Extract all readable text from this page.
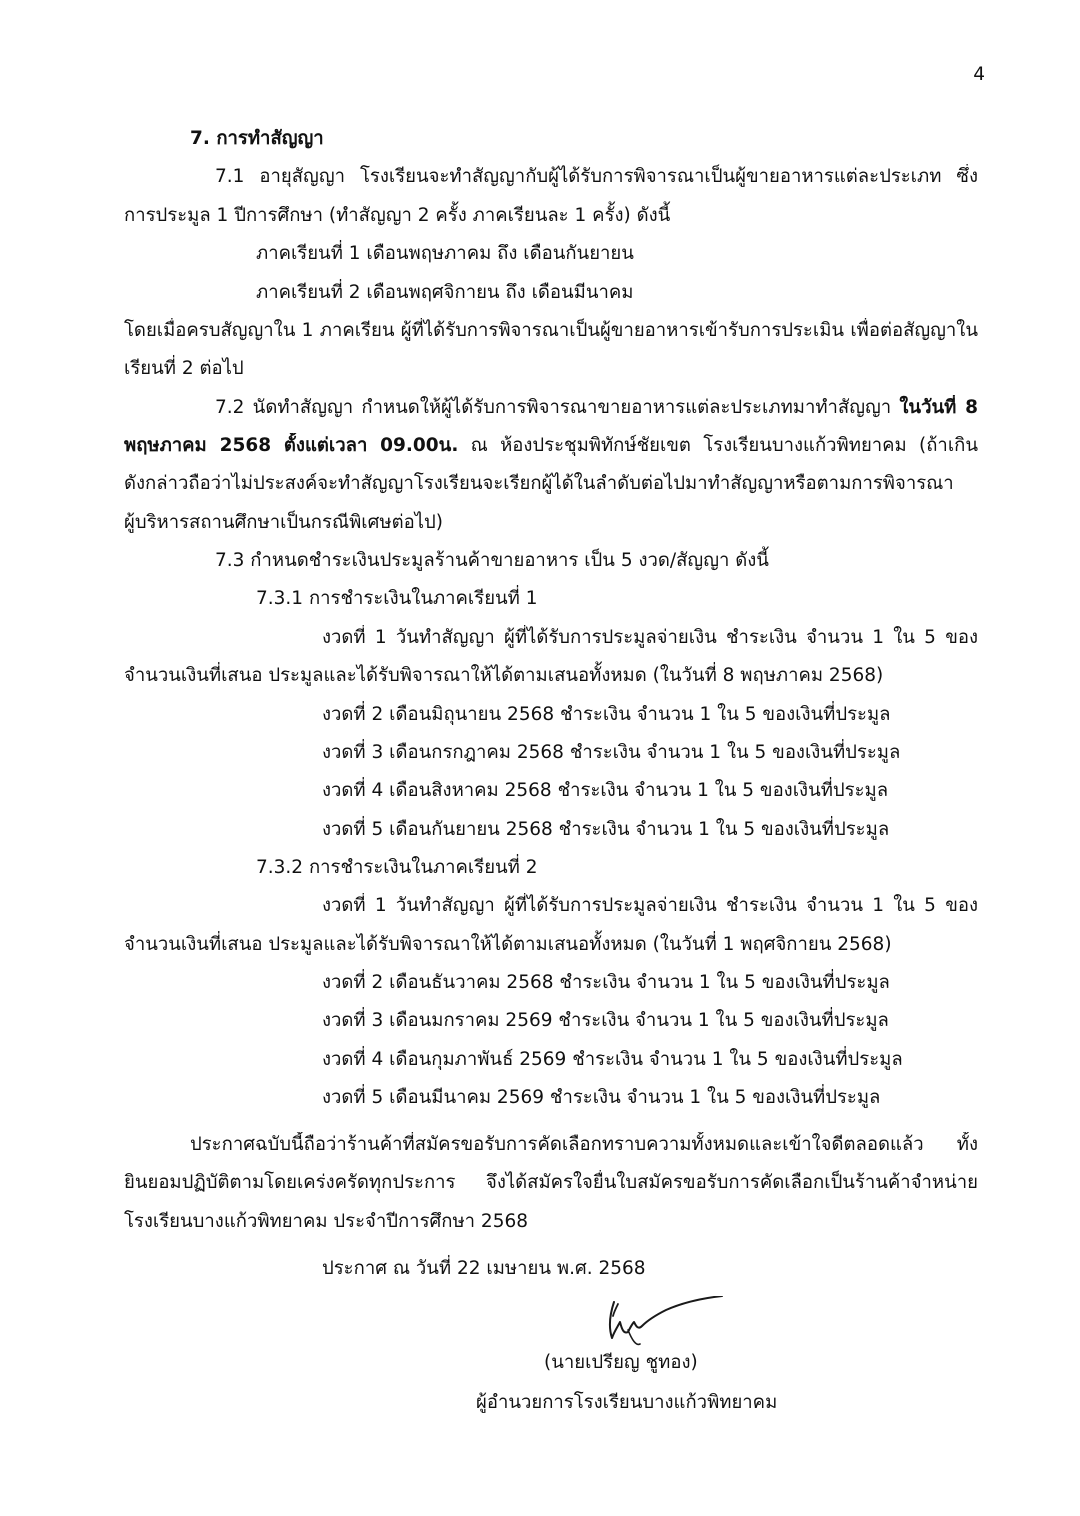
4
7. การทำสัญญา
7.1 อายุสัญญา โรงเรียนจะทำสัญญากับผู้ได้รับการพิจารณาเป็นผู้ขายอาหารแต่ละประเภท ซึ่ง
การประมูล 1 ปีการศึกษา (ทำสัญญา 2 ครั้ง ภาคเรียนละ 1 ครั้ง) ดังนี้
ภาคเรียนที่ 1 เดือนพฤษภาคม ถึง เดือนกันยายน
ภาคเรียนที่ 2 เดือนพฤศจิกายน ถึง เดือนมีนาคม
โดยเมื่อครบสัญญาใน 1 ภาคเรียน ผู้ที่ได้รับการพิจารณาเป็นผู้ขายอาหารเข้ารับการประเมิน เพื่อต่อสัญญาใน
เรียนที่ 2 ต่อไป
7.2 นัดทำสัญญา กำหนดให้ผู้ได้รับการพิจารณาขายอาหารแต่ละประเภทมาทำสัญญา ในวันที่ 8
พฤษภาคม 2568 ตั้งแต่เวลา 09.00น. ณ ห้องประชุมพิทักษ์ชัยเขต โรงเรียนบางแก้วพิทยาคม (ถ้าเกิน
ดังกล่าวถือว่าไม่ประสงค์จะทำสัญญาโรงเรียนจะเรียกผู้ได้ในลำดับต่อไปมาทำสัญญาหรือตามการพิจารณา
ผู้บริหารสถานศึกษาเป็นกรณีพิเศษต่อไป)
7.3 กำหนดชำระเงินประมูลร้านค้าขายอาหาร เป็น 5 งวด/สัญญา ดังนี้
7.3.1 การชำระเงินในภาคเรียนที่ 1
งวดที่ 1 วันทำสัญญา ผู้ที่ได้รับการประมูลจ่ายเงิน ชำระเงิน จำนวน 1 ใน 5 ของ
จำนวนเงินที่เสนอ ประมูลและได้รับพิจารณาให้ได้ตามเสนอทั้งหมด (ในวันที่ 8 พฤษภาคม 2568)
งวดที่ 2 เดือนมิถุนายน 2568 ชำระเงิน จำนวน 1 ใน 5 ของเงินที่ประมูล
งวดที่ 3 เดือนกรกฎาคม 2568 ชำระเงิน จำนวน 1 ใน 5 ของเงินที่ประมูล
งวดที่ 4 เดือนสิงหาคม 2568 ชำระเงิน จำนวน 1 ใน 5 ของเงินที่ประมูล
งวดที่ 5 เดือนกันยายน 2568 ชำระเงิน จำนวน 1 ใน 5 ของเงินที่ประมูล
7.3.2 การชำระเงินในภาคเรียนที่ 2
งวดที่ 1 วันทำสัญญา ผู้ที่ได้รับการประมูลจ่ายเงิน ชำระเงิน จำนวน 1 ใน 5 ของ
จำนวนเงินที่เสนอ ประมูลและได้รับพิจารณาให้ได้ตามเสนอทั้งหมด (ในวันที่ 1 พฤศจิกายน 2568)
งวดที่ 2 เดือนธันวาคม 2568 ชำระเงิน จำนวน 1 ใน 5 ของเงินที่ประมูล
งวดที่ 3 เดือนมกราคม 2569 ชำระเงิน จำนวน 1 ใน 5 ของเงินที่ประมูล
งวดที่ 4 เดือนกุมภาพันธ์ 2569 ชำระเงิน จำนวน 1 ใน 5 ของเงินที่ประมูล
งวดที่ 5 เดือนมีนาคม 2569 ชำระเงิน จำนวน 1 ใน 5 ของเงินที่ประมูล
ประกาศฉบับนี้ถือว่าร้านค้าที่สมัครขอรับการคัดเลือกทราบความทั้งหมดและเข้าใจดีตลอดแล้ว ทั้ง
ยินยอมปฏิบัติตามโดยเคร่งครัดทุกประการ จึงได้สมัครใจยื่นใบสมัครขอรับการคัดเลือกเป็นร้านค้าจำหน่าย
โรงเรียนบางแก้วพิทยาคม ประจำปีการศึกษา 2568
ประกาศ ณ วันที่ 22 เมษายน พ.ศ. 2568
(นายเปรียญ ชูทอง)
ผู้อำนวยการโรงเรียนบางแก้วพิทยาคม
